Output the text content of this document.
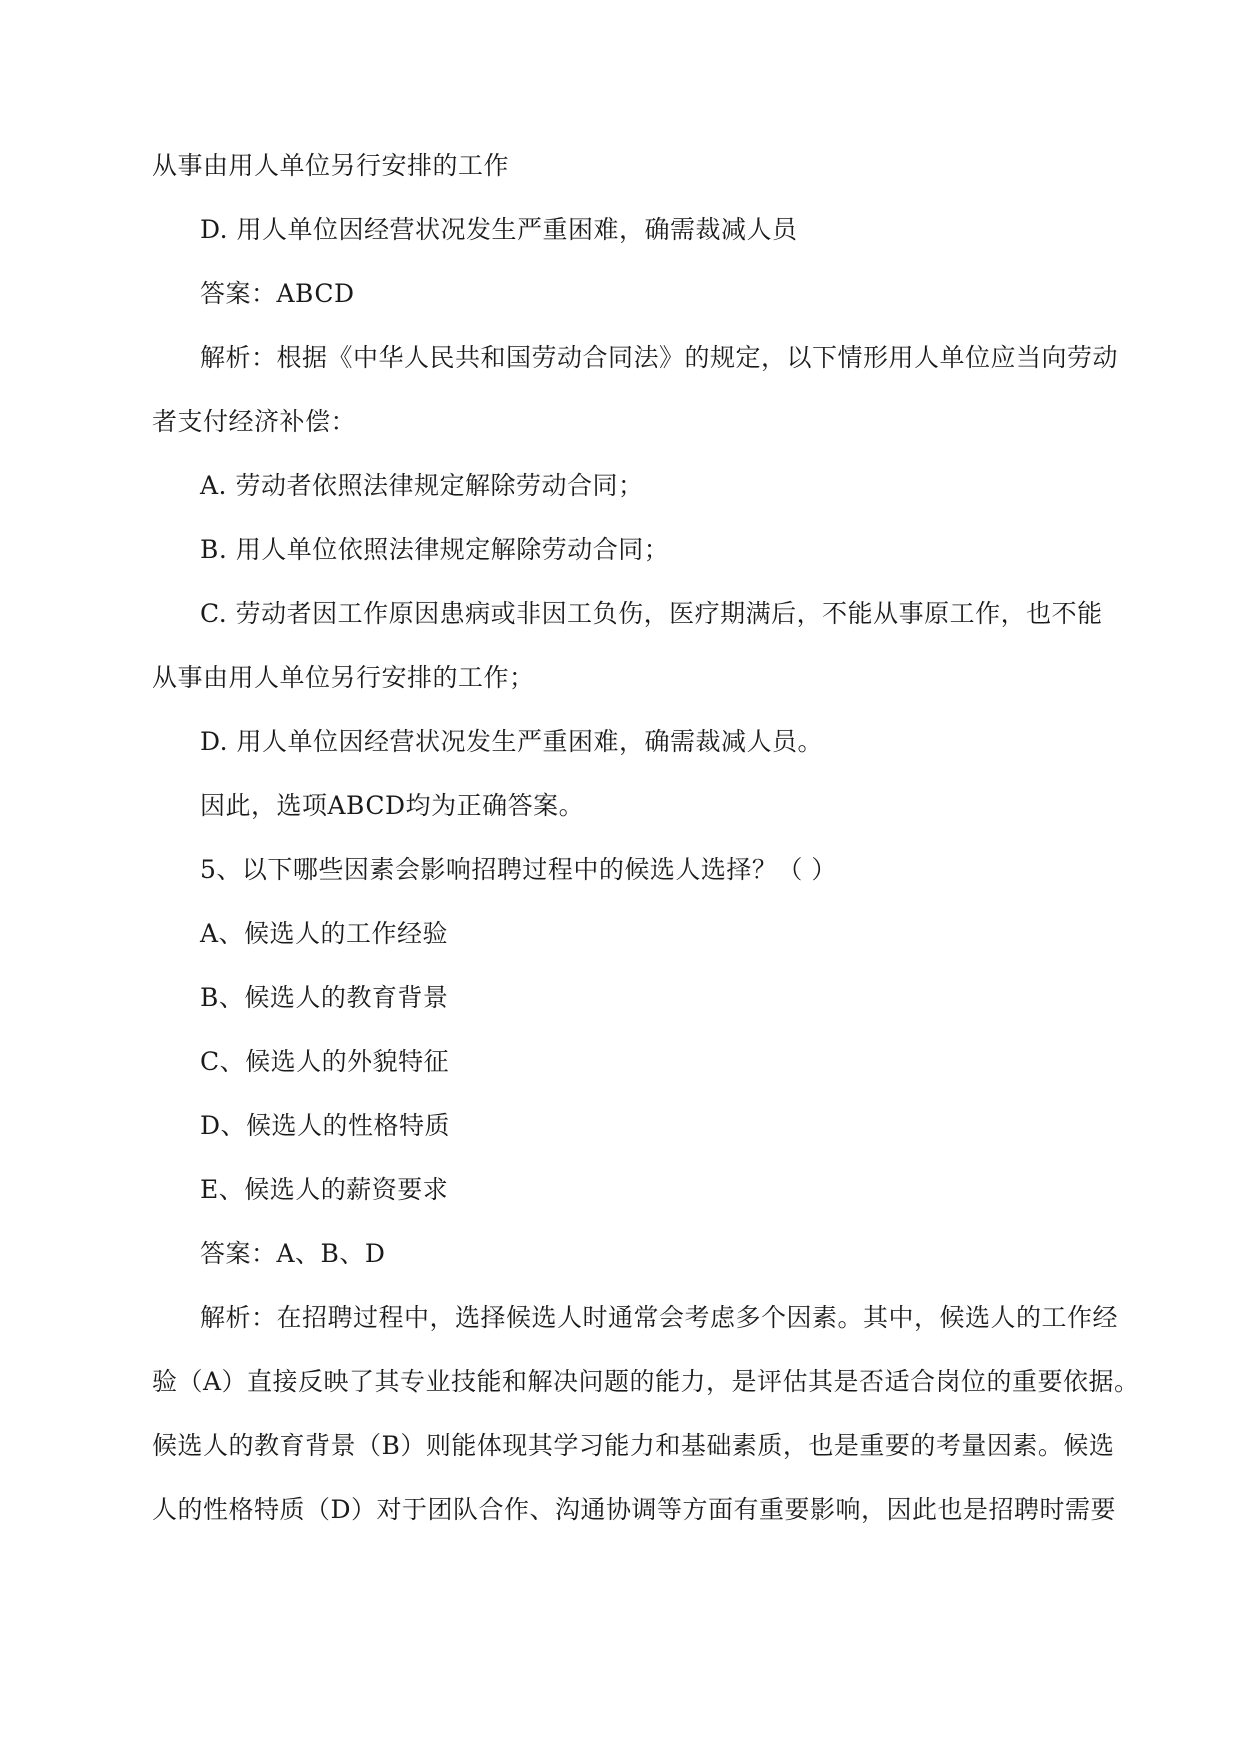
从事由用人单位另行安排的工作
D. 用人单位因经营状况发生严重困难，确需裁减人员
答案：ABCD
解析：根据《中华人民共和国劳动合同法》的规定，以下情形用人单位应当向劳动
者支付经济补偿：
A. 劳动者依照法律规定解除劳动合同；
B. 用人单位依照法律规定解除劳动合同；
C. 劳动者因工作原因患病或非因工负伤，医疗期满后，不能从事原工作，也不能
从事由用人单位另行安排的工作；
D. 用人单位因经营状况发生严重困难，确需裁减人员。
因此，选项ABCD均为正确答案。
5、以下哪些因素会影响招聘过程中的候选人选择？（ ）
A、候选人的工作经验
B、候选人的教育背景
C、候选人的外貌特征
D、候选人的性格特质
E、候选人的薪资要求
答案：A、B、D
解析：在招聘过程中，选择候选人时通常会考虑多个因素。其中，候选人的工作经
验（A）直接反映了其专业技能和解决问题的能力，是评估其是否适合岗位的重要依据。
候选人的教育背景（B）则能体现其学习能力和基础素质，也是重要的考量因素。候选
人的性格特质（D）对于团队合作、沟通协调等方面有重要影响，因此也是招聘时需要
